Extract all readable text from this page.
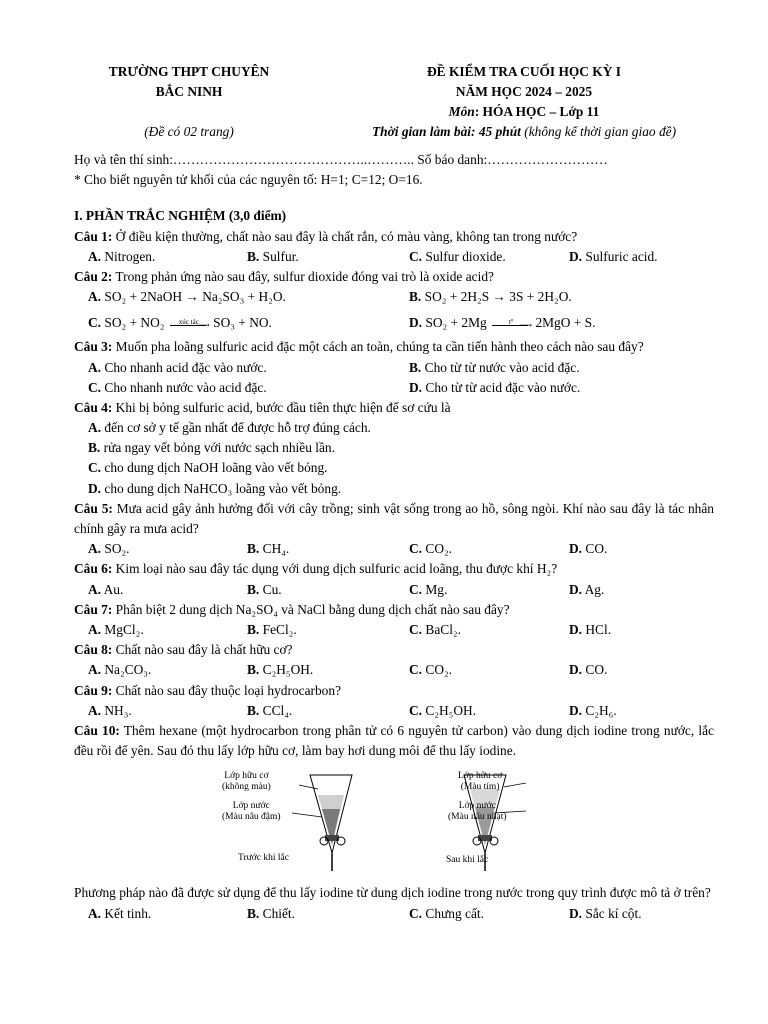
TRƯỜNG THPT CHUYÊN
BẮC NINH
(Đề có 02 trang)
ĐỀ KIỂM TRA CUỐI HỌC KỲ I
NĂM HỌC 2024 – 2025
Môn: HÓA HỌC – Lớp 11
Thời gian làm bài: 45 phút (không kể thời gian giao đề)
Họ và tên thí sinh:……………………………………..……….. Số báo danh:………………………
* Cho biết nguyên tử khối của các nguyên tố: H=1; C=12; O=16.
I. PHẦN TRẮC NGHIỆM (3,0 điểm)
Câu 1: Ở điều kiện thường, chất nào sau đây là chất rắn, có màu vàng, không tan trong nước?
A. Nitrogen.	B. Sulfur.	C. Sulfur dioxide.	D. Sulfuric acid.
Câu 2: Trong phản ứng nào sau đây, sulfur dioxide đóng vai trò là oxide acid?
A. SO₂ + 2NaOH → Na₂SO₃ + H₂O.	B. SO₂ + 2H₂S → 3S + 2H₂O.
C. SO₂ + NO₂	xúc tác
⟶ SO₃ + NO.	D. SO₂ + 2Mg	t° ⟶ 2MgO + S.
Câu 3: Muốn pha loãng sulfuric acid đặc một cách an toàn, chúng ta cần tiến hành theo cách nào sau đây?
A. Cho nhanh acid đặc vào nước.	B. Cho từ từ nước vào acid đặc.
C. Cho nhanh nước vào acid đặc.	D. Cho từ từ acid đặc vào nước.
Câu 4: Khi bị bỏng sulfuric acid, bước đầu tiên thực hiện để sơ cứu là
A. đến cơ sở y tế gần nhất để được hỗ trợ đúng cách.
B. rửa ngay vết bỏng với nước sạch nhiều lần.
C. cho dung dịch NaOH loãng vào vết bỏng.
D. cho dung dịch NaHCO₃ loãng vào vết bỏng.
Câu 5: Mưa acid gây ảnh hưởng đối với cây trồng; sinh vật sống trong ao hồ, sông ngòi. Khí nào sau đây là tác nhân chính gây ra mưa acid?
A. SO₂.	B. CH₄.	C. CO₂.	D. CO.
Câu 6: Kim loại nào sau đây tác dụng với dung dịch sulfuric acid loãng, thu được khí H₂?
A. Au.	B. Cu.	C. Mg.	D. Ag.
Câu 7: Phân biệt 2 dung dịch Na₂SO₄ và NaCl bằng dung dịch chất nào sau đây?
A. MgCl₂.	B. FeCl₂.	C. BaCl₂.	D. HCl.
Câu 8: Chất nào sau đây là chất hữu cơ?
A. Na₂CO₃.	B. C₂H₅OH.	C. CO₂.	D. CO.
Câu 9: Chất nào sau đây thuộc loại hydrocarbon?
A. NH₃.	B. CCl₄.	C. C₂H₅OH.	D. C₂H₆.
Câu 10: Thêm hexane (một hydrocarbon trong phân tử có 6 nguyên tử carbon) vào dung dịch iodine trong nước, lắc đều rồi để yên. Sau đó thu lấy lớp hữu cơ, làm bay hơi dung môi để thu lấy iodine.
Lớp hữu cơ
(không màu)
Lớp nước
(Màu nâu đậm)
Trước khi lắc
Lớp hữu cơ
(Màu tím)
Lớp nước
(Màu nâu nhạt)
Sau khi lắc
Phương pháp nào đã được sử dụng để thu lấy iodine từ dung dịch iodine trong nước trong quy trình được mô tả ở trên?
A. Kết tinh.	B. Chiết.	C. Chưng cất.	D. Sắc kí cột.
